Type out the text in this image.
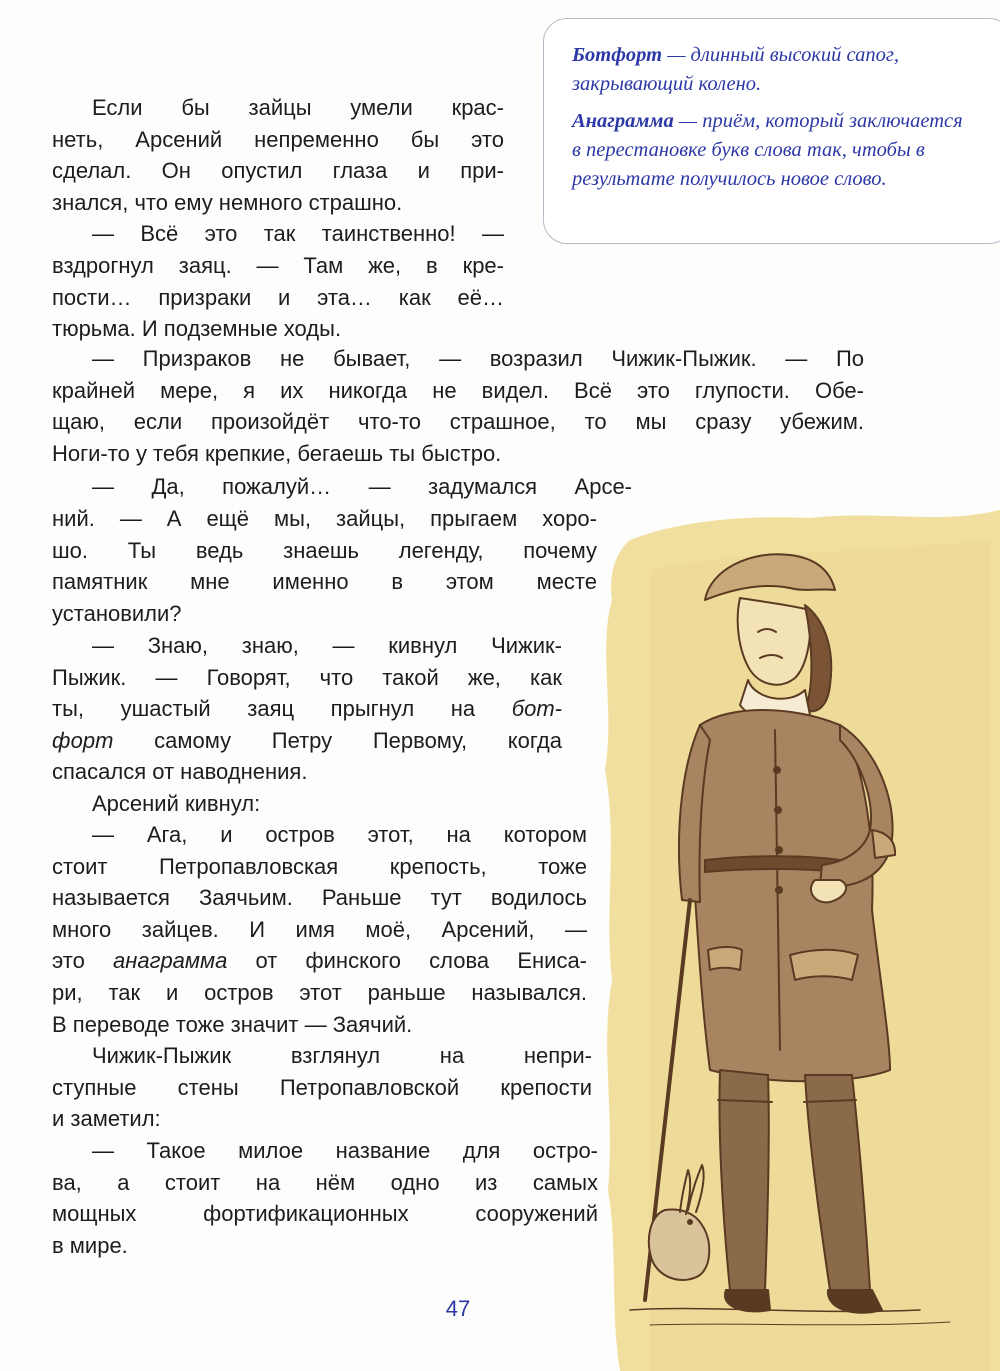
Ботфорт — длинный высокий сапог, закрывающий колено.

Анаграмма — приём, который заключается в перестановке букв слова так, чтобы в результате получилось новое слово.

Если бы зайцы умели крас-
неть, Арсений непременно бы это
сделал. Он опустил глаза и при-
знался, что ему немного страшно.
— Всё это так таинственно! —
вздрогнул заяц. — Там же, в кре-
пости… призраки и эта… как её…
тюрьма. И подземные ходы.
— Призраков не бывает, — возразил Чижик-Пыжик. — По
крайней мере, я их никогда не видел. Всё это глупости. Обе-
щаю, если произойдёт что-то страшное, то мы сразу убежим.
Ноги-то у тебя крепкие, бегаешь ты быстро.
— Да, пожалуй… — задумался Арсе-
ний. — А ещё мы, зайцы, прыгаем хоро-
шо. Ты ведь знаешь легенду, почему
памятник мне именно в этом месте
установили?
— Знаю, знаю, — кивнул Чижик-
Пыжик. — Говорят, что такой же, как
ты, ушастый заяц прыгнул на бот-
форт самому Петру Первому, когда
спасался от наводнения.
Арсений кивнул:
— Ага, и остров этот, на котором
стоит Петропавловская крепость, тоже
называется Заячьим. Раньше тут водилось
много зайцев. И имя моё, Арсений, —
это анаграмма от финского слова Ениса-
ри, так и остров этот раньше назывался.
В переводе тоже значит — Заячий.
Чижик-Пыжик взглянул на непри-
ступные стены Петропавловской крепости
и заметил:
— Такое милое название для остро-
ва, а стоит на нём одно из самых
мощных фортификационных сооружений
в мире.
47
